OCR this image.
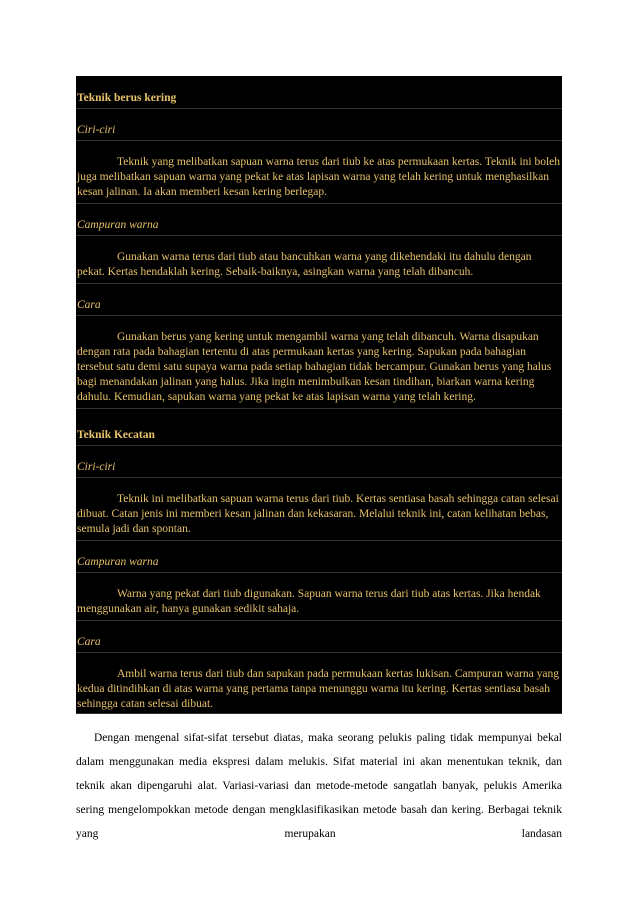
Teknik berus kering
Ciri-ciri
Teknik yang melibatkan sapuan warna terus dari tiub ke atas permukaan kertas. Teknik ini boleh juga melibatkan sapuan warna yang pekat ke atas lapisan warna yang telah kering untuk menghasilkan kesan jalinan. Ia akan memberi kesan kering berlegap.
Campuran warna
Gunakan warna terus dari tiub atau bancuhkan warna yang dikehendaki itu dahulu dengan pekat. Kertas hendaklah kering. Sebaik-baiknya, asingkan warna yang telah dibancuh.
Cara
Gunakan berus yang kering untuk mengambil warna yang telah dibancuh. Warna disapukan dengan rata pada bahagian tertentu di atas permukaan kertas yang kering. Sapukan pada bahagian tersebut satu demi satu supaya warna pada setiap bahagian tidak bercampur. Gunakan berus yang halus bagi menandakan jalinan yang halus. Jika ingin menimbulkan kesan tindihan, biarkan warna kering dahulu. Kemudian, sapukan warna yang pekat ke atas lapisan warna yang telah kering.
Teknik Kecatan
Ciri-ciri
Teknik ini melibatkan sapuan warna terus dari tiub. Kertas sentiasa basah sehingga catan selesai dibuat. Catan jenis ini memberi kesan jalinan dan kekasaran. Melalui teknik ini, catan kelihatan bebas, semula jadi dan spontan.
Campuran warna
Warna yang pekat dari tiub digunakan. Sapuan warna terus dari tiub atas kertas. Jika hendak menggunakan air, hanya gunakan sedikit sahaja.
Cara
Ambil warna terus dari tiub dan sapukan pada permukaan kertas lukisan. Campuran warna yang kedua ditindihkan di atas warna yang pertama tanpa menunggu warna itu kering. Kertas sentiasa basah sehingga catan selesai dibuat.
Dengan mengenal sifat-sifat tersebut diatas, maka seorang pelukis paling tidak mempunyai bekal dalam menggunakan media ekspresi dalam melukis. Sifat material ini akan menentukan teknik, dan teknik akan dipengaruhi alat. Variasi-variasi dan metode-metode sangatlah banyak, pelukis Amerika sering mengelompokkan metode dengan mengklasifikasikan metode basah dan kering. Berbagai teknik yang merupakan landasan
